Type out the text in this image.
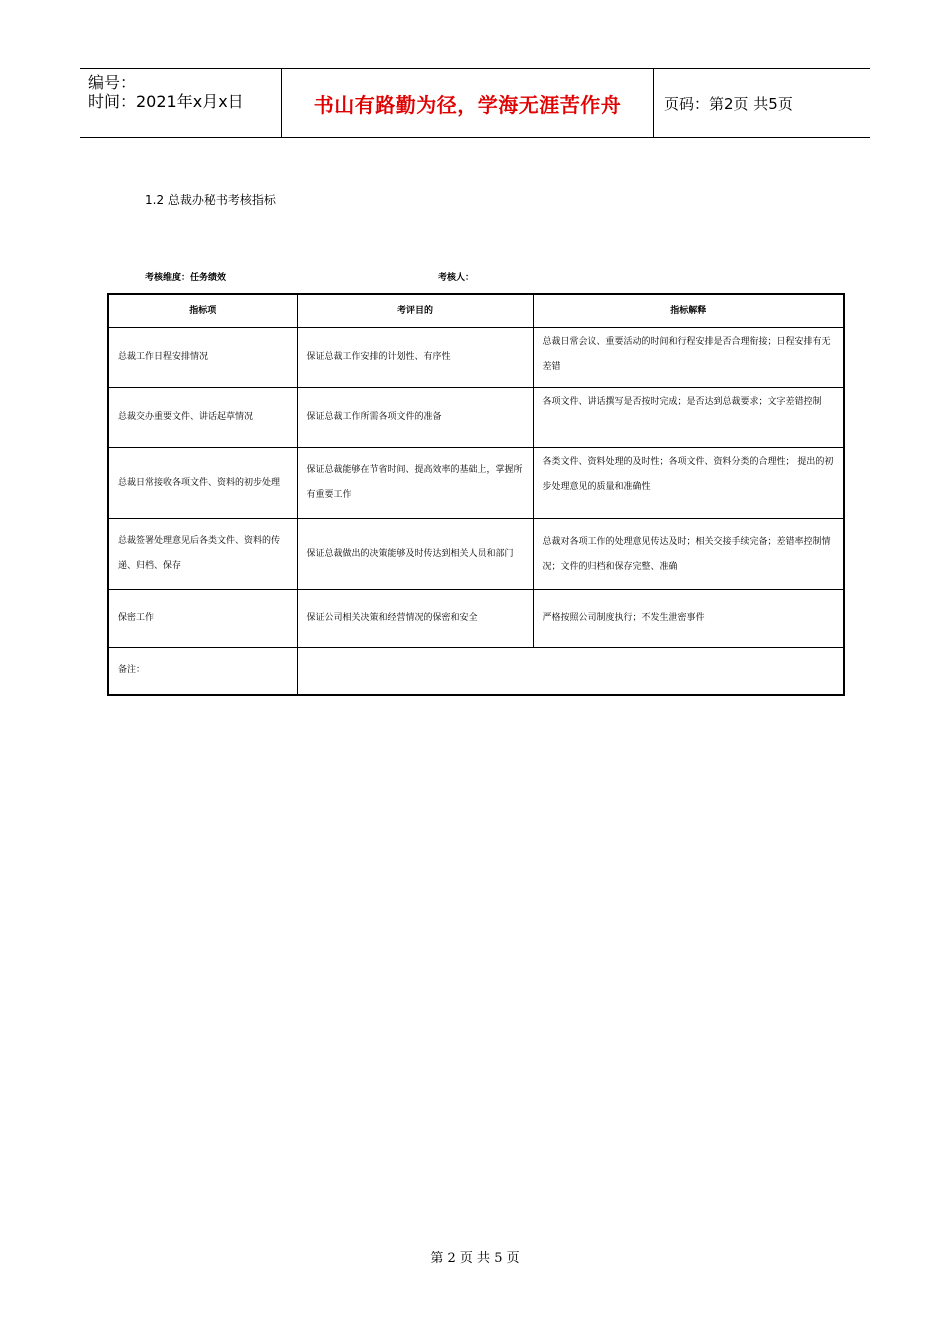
编号：
时间：2021年x月x日	书山有路勤为径，学海无涯苦作舟	页码：第2页 共5页
1.2 总裁办秘书考核指标
考核维度：任务绩效	考核人：
指标项	考评目的	指标解释
总裁工作日程安排情况	保证总裁工作安排的计划性、有序性	总裁日常会议、重要活动的时间和行程安排是否合理衔接；日程安排有无差错
总裁交办重要文件、讲话起草情况	保证总裁工作所需各项文件的准备	各项文件、讲话撰写是否按时完成；是否达到总裁要求；文字差错控制
总裁日常接收各项文件、资料的初步处理	保证总裁能够在节省时间、提高效率的基础上，掌握所有重要工作	各类文件、资料处理的及时性；各项文件、资料分类的合理性； 提出的初步处理意见的质量和准确性
总裁签署处理意见后各类文件、资料的传递、归档、保存	保证总裁做出的决策能够及时传达到相关人员和部门	总裁对各项工作的处理意见传达及时；相关交接手续完备；差错率控制情况；文件的归档和保存完整、准确
保密工作	保证公司相关决策和经营情况的保密和安全	严格按照公司制度执行；不发生泄密事件
备注：		
第 2 页 共 5 页
